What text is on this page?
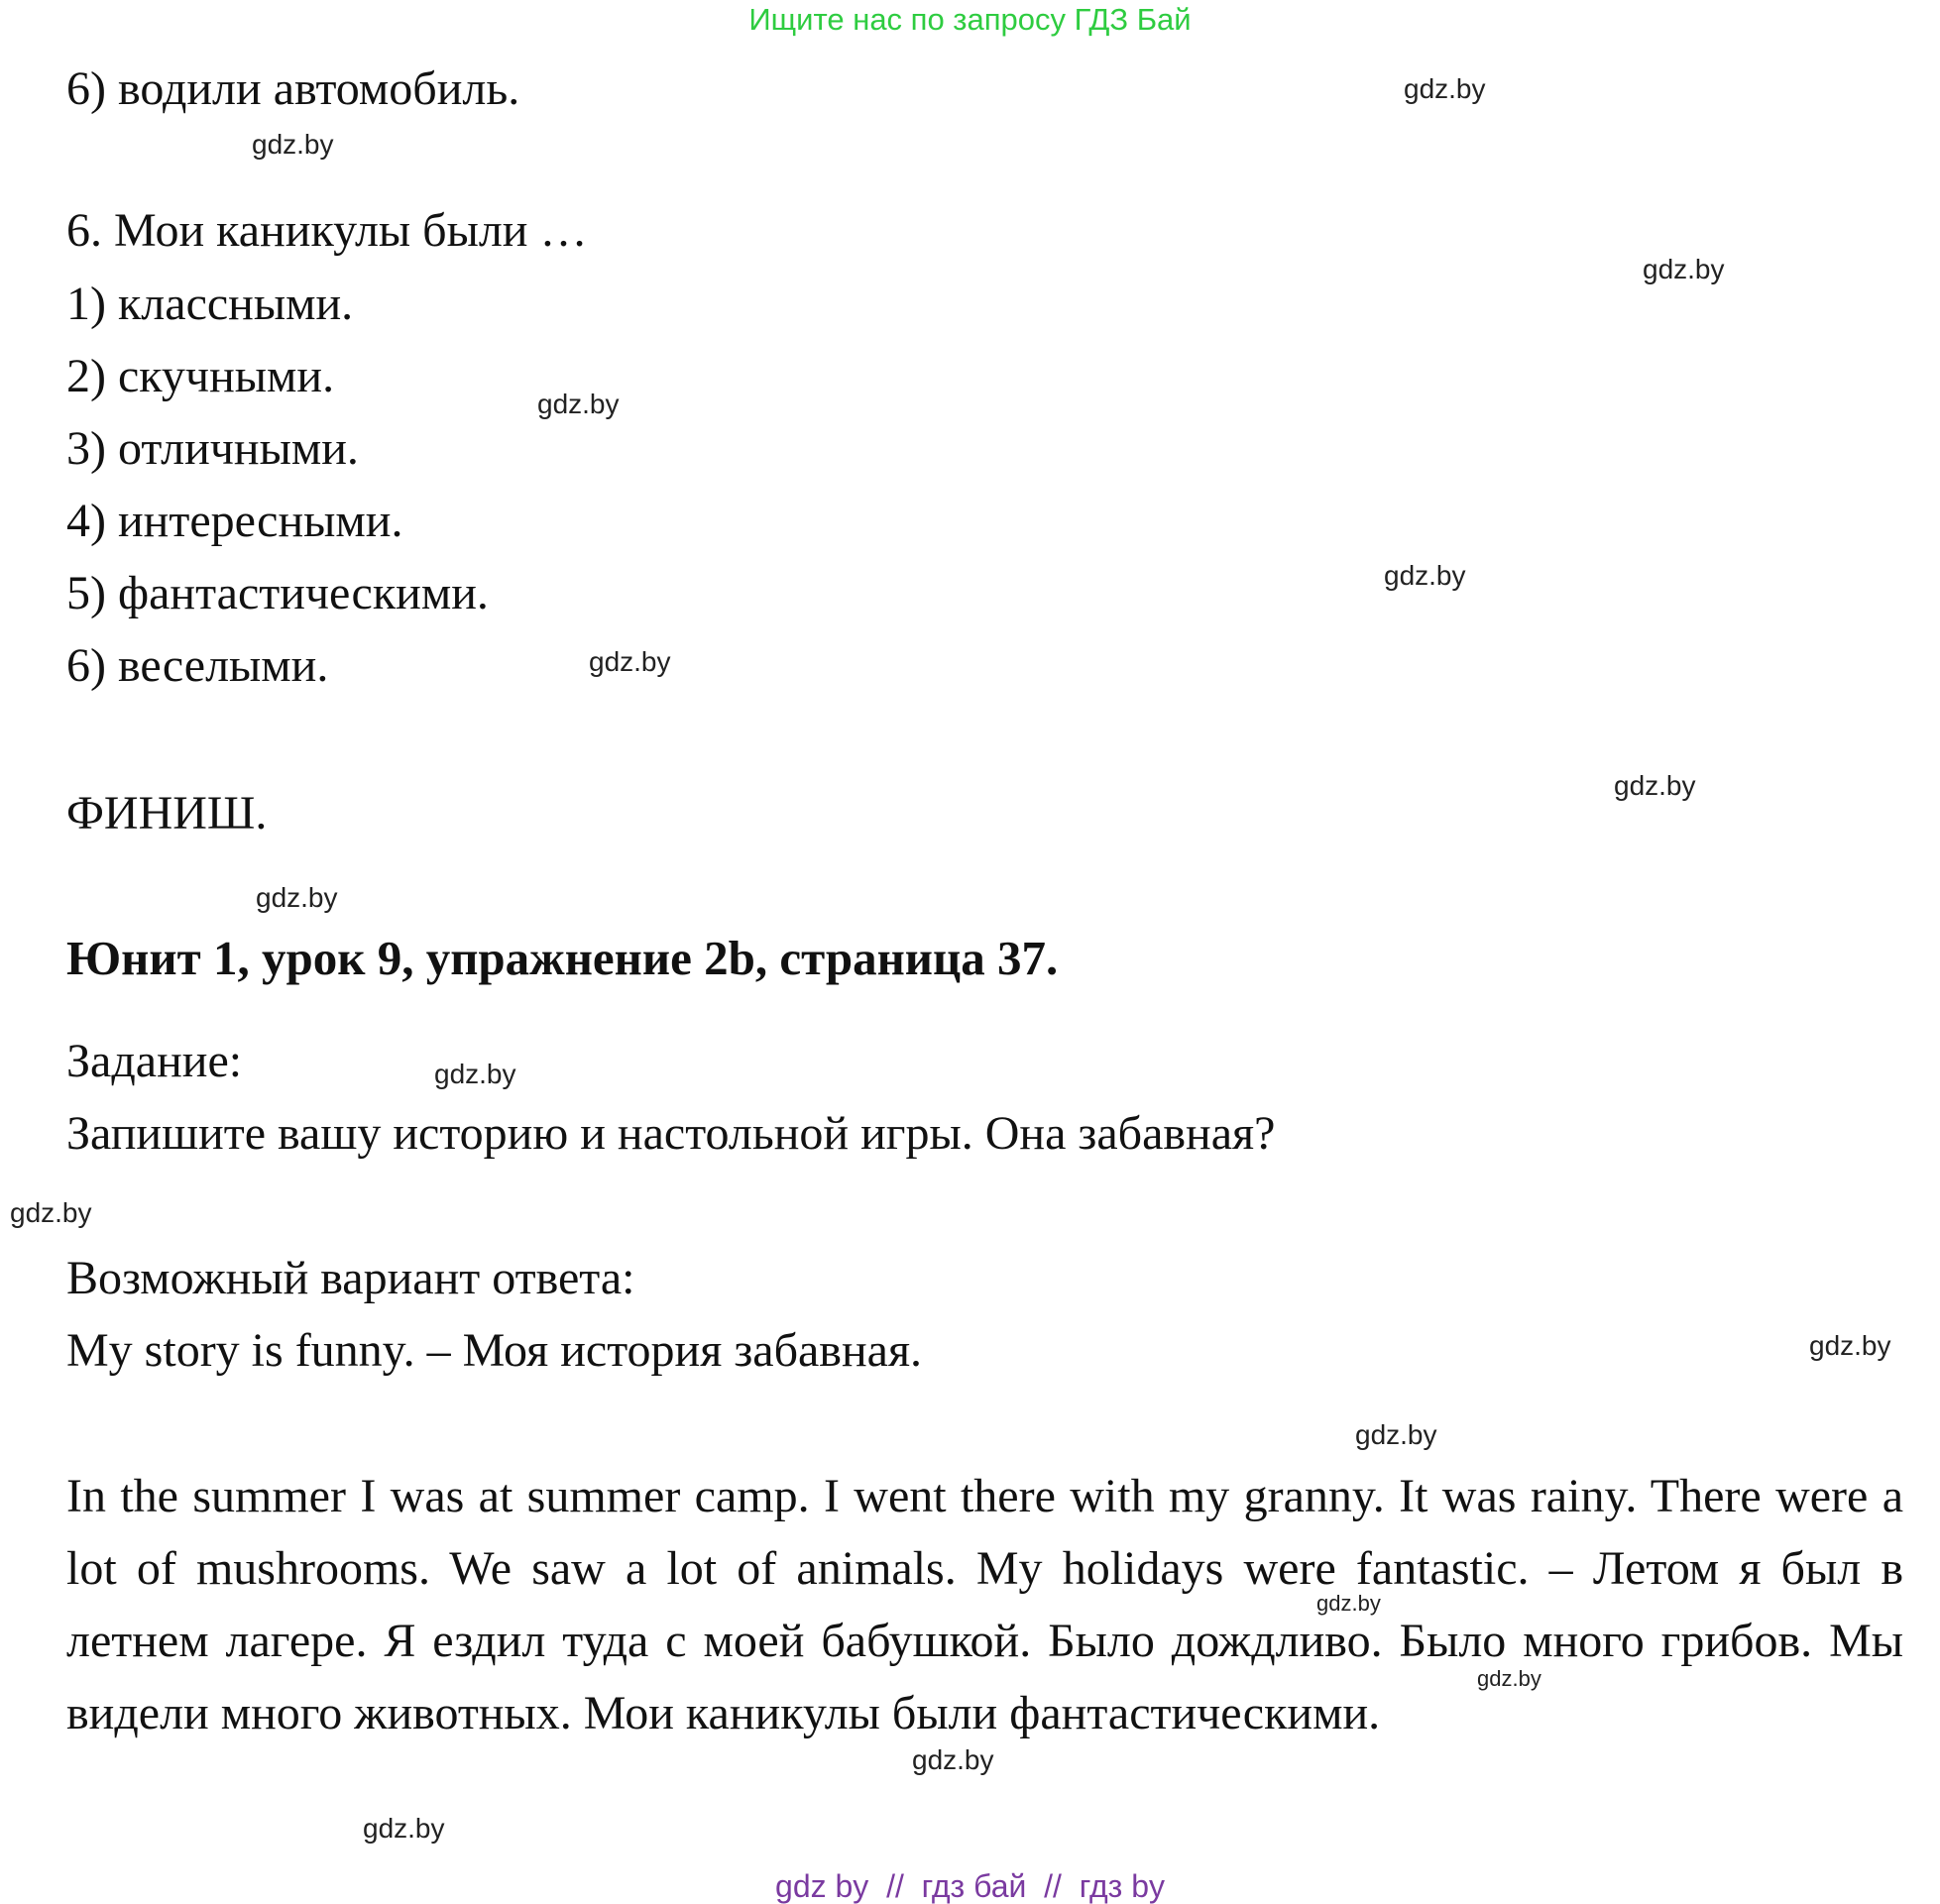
Ищите нас по запросу ГДЗ Бай
6) водили автомобиль.
6. Мои каникулы были …
1) классными.
2) скучными.
3) отличными.
4) интересными.
5) фантастическими.
6) веселыми.
ФИНИШ.
Юнит 1, урок 9, упражнение 2b, страница 37.
Задание:
Запишите вашу историю и настольной игры. Она забавная?
Возможный вариант ответа:
My story is funny. – Моя история забавная.
In the summer I was at summer camp. I went there with my granny. It was rainy. There were a lot of mushrooms. We saw a lot of animals. My holidays were fantastic. – Летом я был в летнем лагере. Я ездил туда с моей бабушкой. Было дождливо. Было много грибов. Мы видели много животных. Мои каникулы были фантастическими.
gdz.by
gdz.by
gdz.by
gdz.by
gdz.by
gdz.by
gdz.by
gdz.by
gdz.by
gdz.by
gdz.by
gdz.by
gdz.by
gdz.by
gdz.by
gdz.by
gdz by  //  гдз бай  //  гдз by
